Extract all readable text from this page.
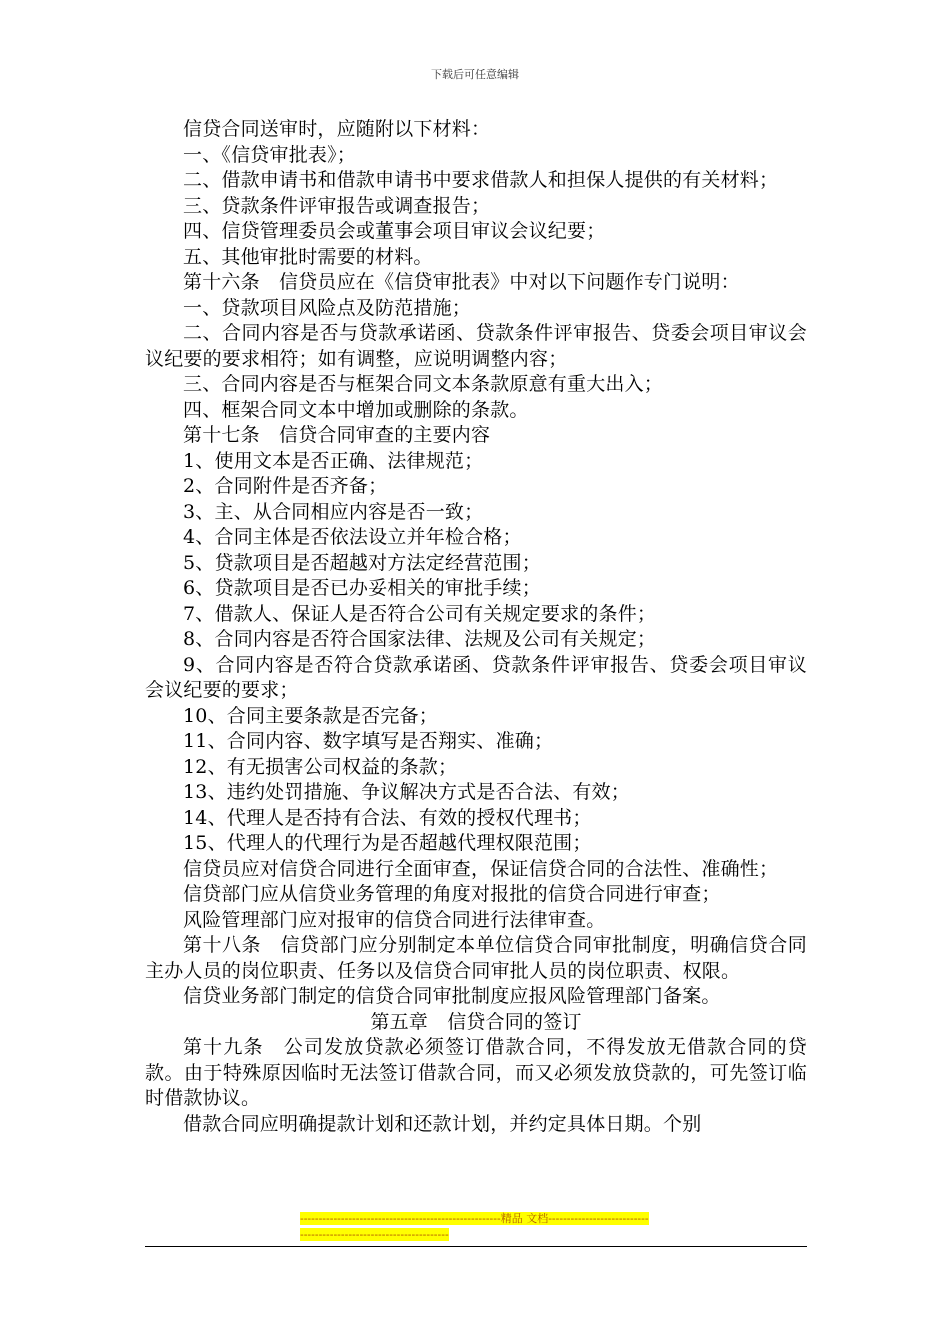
下载后可任意编辑

信贷合同送审时，应随附以下材料：

一、《信贷审批表》；

二、借款申请书和借款申请书中要求借款人和担保人提供的有关材料；

三、贷款条件评审报告或调查报告；

四、信贷管理委员会或董事会项目审议会议纪要；

五、其他审批时需要的材料。

第十六条　信贷员应在《信贷审批表》中对以下问题作专门说明：

一、贷款项目风险点及防范措施；

二、合同内容是否与贷款承诺函、贷款条件评审报告、贷委会项目审议会议纪要的要求相符；如有调整，应说明调整内容；

三、合同内容是否与框架合同文本条款原意有重大出入；

四、框架合同文本中增加或删除的条款。

第十七条　信贷合同审查的主要内容

1、使用文本是否正确、法律规范；

2、合同附件是否齐备；

3、主、从合同相应内容是否一致；

4、合同主体是否依法设立并年检合格；

5、贷款项目是否超越对方法定经营范围；

6、贷款项目是否已办妥相关的审批手续；

7、借款人、保证人是否符合公司有关规定要求的条件；

8、合同内容是否符合国家法律、法规及公司有关规定；

9、合同内容是否符合贷款承诺函、贷款条件评审报告、贷委会项目审议会议纪要的要求；

10、合同主要条款是否完备；

11、合同内容、数字填写是否翔实、准确；

12、有无损害公司权益的条款；

13、违约处罚措施、争议解决方式是否合法、有效；

14、代理人是否持有合法、有效的授权代理书；

15、代理人的代理行为是否超越代理权限范围；

信贷员应对信贷合同进行全面审查，保证信贷合同的合法性、准确性；

信贷部门应从信贷业务管理的角度对报批的信贷合同进行审查；

风险管理部门应对报审的信贷合同进行法律审查。

第十八条　信贷部门应分别制定本单位信贷合同审批制度，明确信贷合同主办人员的岗位职责、任务以及信贷合同审批人员的岗位职责、权限。

信贷业务部门制定的信贷合同审批制度应报风险管理部门备案。

第五章　信贷合同的签订

第十九条　公司发放贷款必须签订借款合同，不得发放无借款合同的贷款。由于特殊原因临时无法签订借款合同，而又必须发放贷款的，可先签订临时借款协议。

借款合同应明确提款计划和还款计划，并约定具体日期。个别

------------------------------------------------------精品 文档-------------------------------------------------------------------
